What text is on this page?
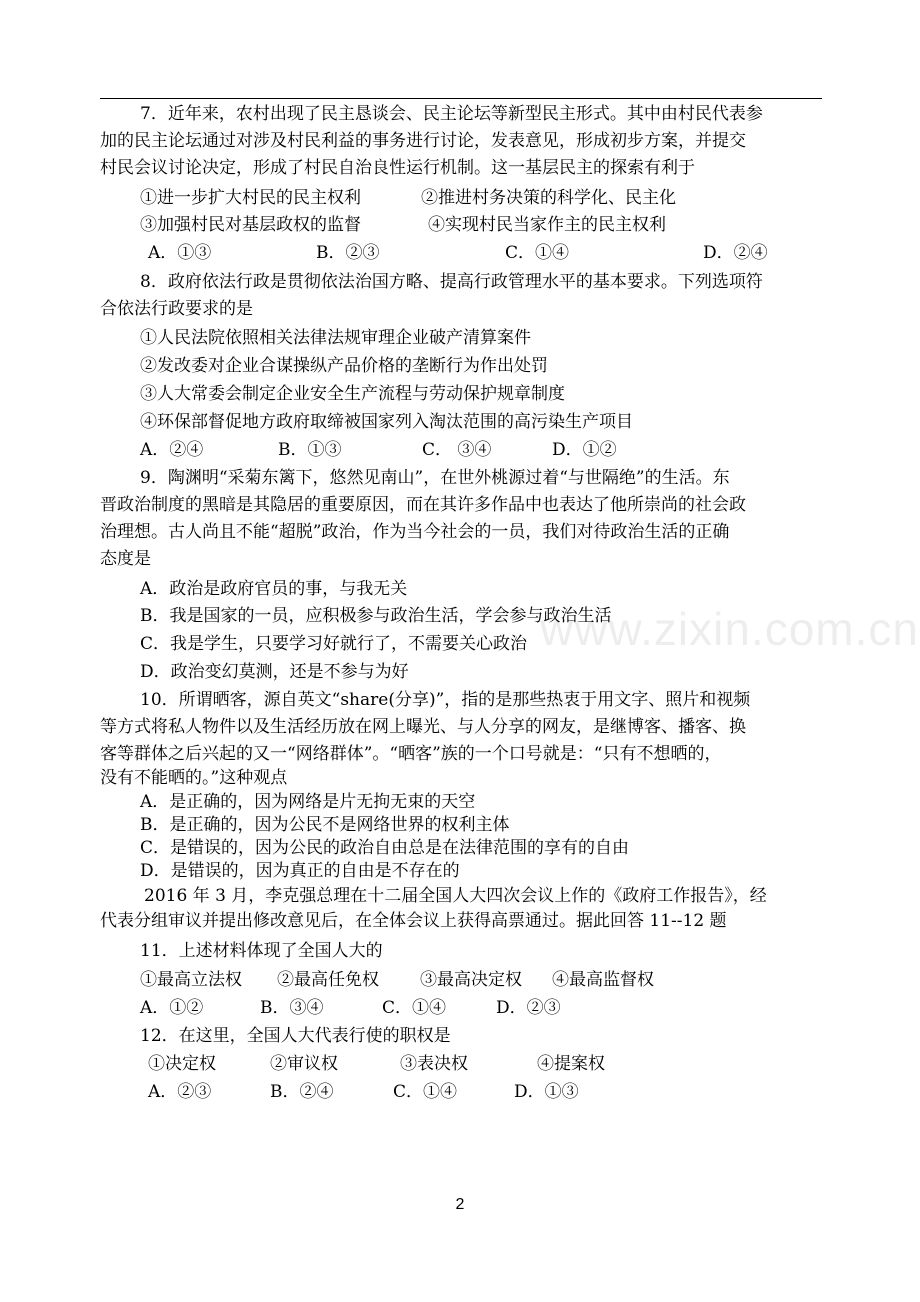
www.zixin.com.cn
7．近年来，农村出现了民主恳谈会、民主论坛等新型民主形式。其中由村民代表参
加的民主论坛通过对涉及村民利益的事务进行讨论，发表意见，形成初步方案，并提交
村民会议讨论决定，形成了村民自治良性运行机制。这一基层民主的探索有利于
①进一步扩大村民的民主权利	②推进村务决策的科学化、民主化
③加强村民对基层政权的监督	④实现村民当家作主的民主权利
A．①③	B．②③	C．①④	D．②④
8．政府依法行政是贯彻依法治国方略、提高行政管理水平的基本要求。下列选项符
合依法行政要求的是
①人民法院依照相关法律法规审理企业破产清算案件
②发改委对企业合谋操纵产品价格的垄断行为作出处罚
③人大常委会制定企业安全生产流程与劳动保护规章制度
④环保部督促地方政府取缔被国家列入淘汰范围的高污染生产项目
A．②④	B．①③	C． ③④	D．①②
9．陶渊明“采菊东篱下，悠然见南山”，在世外桃源过着“与世隔绝”的生活。东
晋政治制度的黑暗是其隐居的重要原因，而在其许多作品中也表达了他所崇尚的社会政
治理想。古人尚且不能“超脱”政治，作为当今社会的一员，我们对待政治生活的正确
态度是
A．政治是政府官员的事，与我无关
B．我是国家的一员，应积极参与政治生活，学会参与政治生活
C．我是学生，只要学习好就行了，不需要关心政治
D．政治变幻莫测，还是不参与为好
10．所谓晒客，源自英文“share(分享)”，指的是那些热衷于用文字、照片和视频
等方式将私人物件以及生活经历放在网上曝光、与人分享的网友，是继博客、播客、换
客等群体之后兴起的又一“网络群体”。“晒客”族的一个口号就是：“只有不想晒的，
没有不能晒的。”这种观点
A．是正确的，因为网络是片无拘无束的天空
B．是正确的，因为公民不是网络世界的权利主体
C．是错误的，因为公民的政治自由总是在法律范围的享有的自由
D．是错误的，因为真正的自由是不存在的
2016 年 3 月，李克强总理在十二届全国人大四次会议上作的《政府工作报告》，经
代表分组审议并提出修改意见后，在全体会议上获得高票通过。据此回答 11--12 题
11．上述材料体现了全国人大的
①最高立法权 ②最高任免权 ③最高决定权 ④最高监督权
A．①②	B．③④	C．①④	D．②③
12．在这里，全国人大代表行使的职权是
①决定权	②审议权	③表决权	④提案权
A．②③	B．②④	C．①④	D．①③
2
